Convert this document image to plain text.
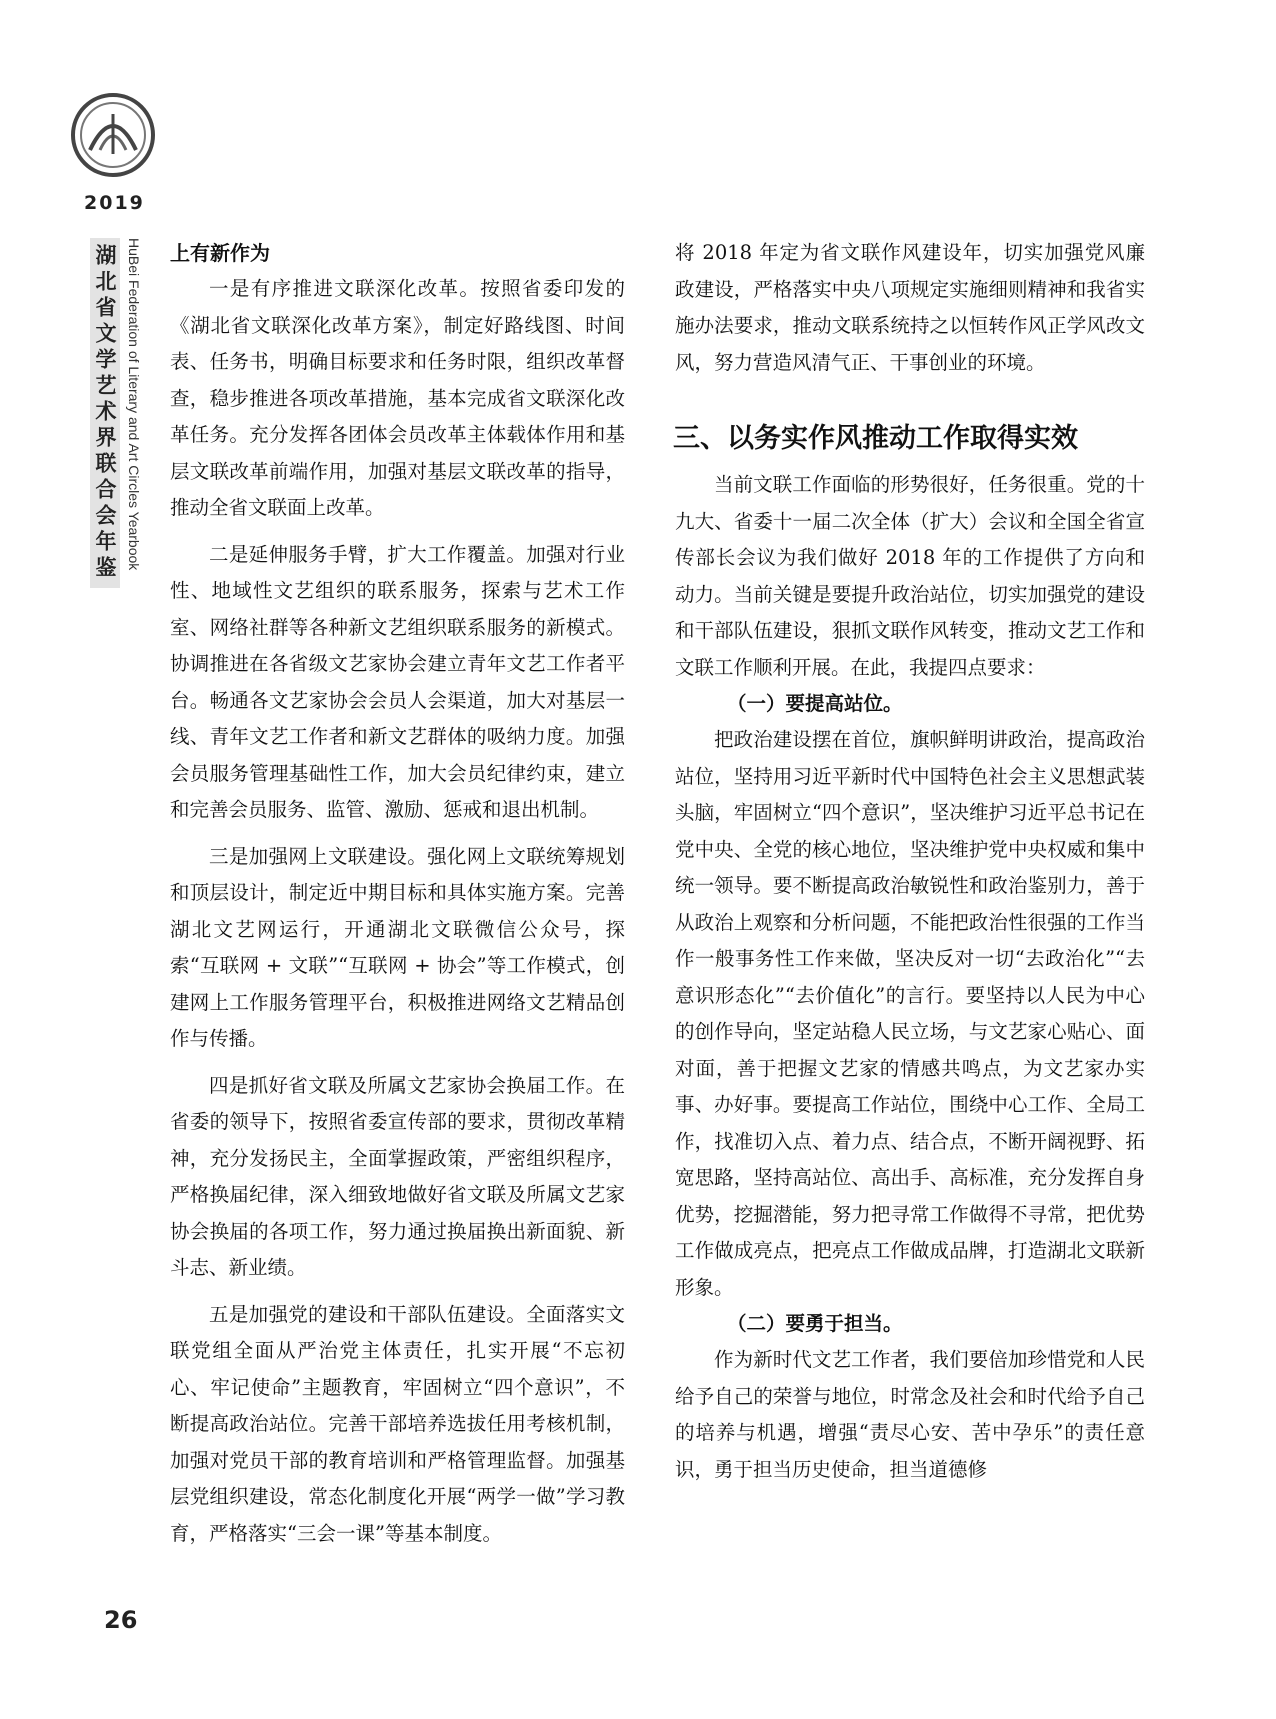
2019
湖北省文学艺术界联合会年鉴 HuBei Federation of Literary and Art Circles Yearbook 上有新作为

一是有序推进文联深化改革。按照省委印发的《湖北省文联深化改革方案》，制定好路线图、时间表、任务书，明确目标要求和任务时限，组织改革督查，稳步推进各项改革措施，基本完成省文联深化改革任务。充分发挥各团体会员改革主体载体作用和基层文联改革前端作用，加强对基层文联改革的指导，推动全省文联面上改革。

二是延伸服务手臂，扩大工作覆盖。加强对行业性、地域性文艺组织的联系服务，探索与艺术工作室、网络社群等各种新文艺组织联系服务的新模式。协调推进在各省级文艺家协会建立青年文艺工作者平台。畅通各文艺家协会会员人会渠道，加大对基层一线、青年文艺工作者和新文艺群体的吸纳力度。加强会员服务管理基础性工作，加大会员纪律约束，建立和完善会员服务、监管、激励、惩戒和退出机制。

三是加强网上文联建设。强化网上文联统筹规划和顶层设计，制定近中期目标和具体实施方案。完善湖北文艺网运行，开通湖北文联微信公众号，探索“互联网 + 文联”“互联网 + 协会”等工作模式，创建网上工作服务管理平台，积极推进网络文艺精品创作与传播。

四是抓好省文联及所属文艺家协会换届工作。在省委的领导下，按照省委宣传部的要求，贯彻改革精神，充分发扬民主，全面掌握政策，严密组织程序，严格换届纪律，深入细致地做好省文联及所属文艺家协会换届的各项工作，努力通过换届换出新面貌、新斗志、新业绩。

五是加强党的建设和干部队伍建设。全面落实文联党组全面从严治党主体责任，扎实开展“不忘初心、牢记使命”主题教育，牢固树立“四个意识”，不断提高政治站位。完善干部培养选拔任用考核机制，加强对党员干部的教育培训和严格管理监督。加强基层党组织建设，常态化制度化开展“两学一做”学习教育，严格落实“三会一课”等基本制度。

将 2018 年定为省文联作风建设年，切实加强党风廉政建设，严格落实中央八项规定实施细则精神和我省实施办法要求，推动文联系统持之以恒转作风正学风改文风，努力营造风清气正、干事创业的环境。

三、以务实作风推动工作取得实效

当前文联工作面临的形势很好，任务很重。党的十九大、省委十一届二次全体（扩大）会议和全国全省宣传部长会议为我们做好 2018 年的工作提供了方向和动力。当前关键是要提升政治站位，切实加强党的建设和干部队伍建设，狠抓文联作风转变，推动文艺工作和文联工作顺利开展。在此，我提四点要求：

（一）要提高站位。

把政治建设摆在首位，旗帜鲜明讲政治，提高政治站位，坚持用习近平新时代中国特色社会主义思想武装头脑，牢固树立“四个意识”，坚决维护习近平总书记在党中央、全党的核心地位，坚决维护党中央权威和集中统一领导。要不断提高政治敏锐性和政治鉴别力，善于从政治上观察和分析问题，不能把政治性很强的工作当作一般事务性工作来做，坚决反对一切“去政治化”“去意识形态化”“去价值化”的言行。要坚持以人民为中心的创作导向，坚定站稳人民立场，与文艺家心贴心、面对面，善于把握文艺家的情感共鸣点，为文艺家办实事、办好事。要提高工作站位，围绕中心工作、全局工作，找准切入点、着力点、结合点，不断开阔视野、拓宽思路，坚持高站位、高出手、高标准，充分发挥自身优势，挖掘潜能，努力把寻常工作做得不寻常，把优势工作做成亮点，把亮点工作做成品牌，打造湖北文联新形象。

（二）要勇于担当。

作为新时代文艺工作者，我们要倍加珍惜党和人民给予自己的荣誉与地位，时常念及社会和时代给予自己的培养与机遇，增强“责尽心安、苦中孕乐”的责任意识，勇于担当历史使命，担当道德修

26
